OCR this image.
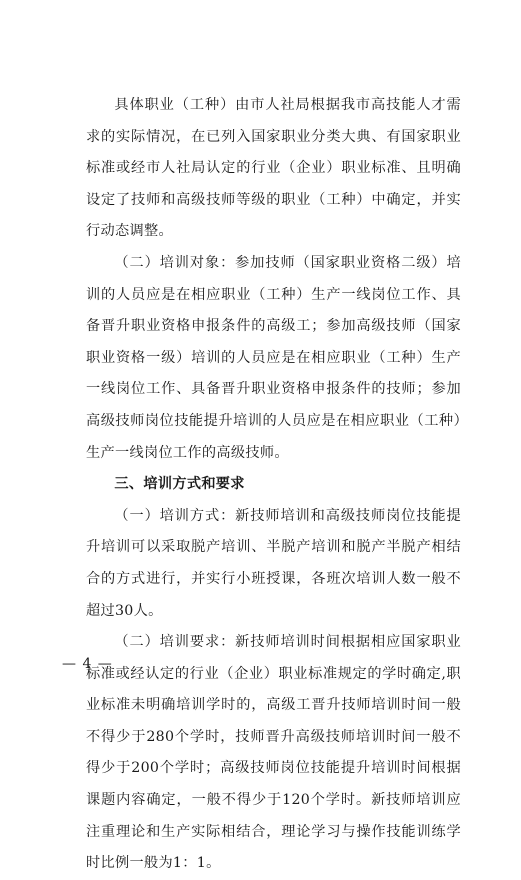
具体职业（工种）由市人社局根据我市高技能人才需求的实际情况，在已列入国家职业分类大典、有国家职业标准或经市人社局认定的行业（企业）职业标准、且明确设定了技师和高级技师等级的职业（工种）中确定，并实行动态调整。

（二）培训对象：参加技师（国家职业资格二级）培训的人员应是在相应职业（工种）生产一线岗位工作、具备晋升职业资格申报条件的高级工；参加高级技师（国家职业资格一级）培训的人员应是在相应职业（工种）生产一线岗位工作、具备晋升职业资格申报条件的技师；参加高级技师岗位技能提升培训的人员应是在相应职业（工种）生产一线岗位工作的高级技师。

三、培训方式和要求

（一）培训方式：新技师培训和高级技师岗位技能提升培训可以采取脱产培训、半脱产培训和脱产半脱产相结合的方式进行，并实行小班授课，各班次培训人数一般不超过30人。

（二）培训要求：新技师培训时间根据相应国家职业标准或经认定的行业（企业）职业标准规定的学时确定,职业标准未明确培训学时的，高级工晋升技师培训时间一般不得少于280个学时，技师晋升高级技师培训时间一般不得少于200个学时；高级技师岗位技能提升培训时间根据课题内容确定，一般不得少于120个学时。新技师培训应注重理论和生产实际相结合，理论学习与操作技能训练学时比例一般为1：1。

— 4 —
